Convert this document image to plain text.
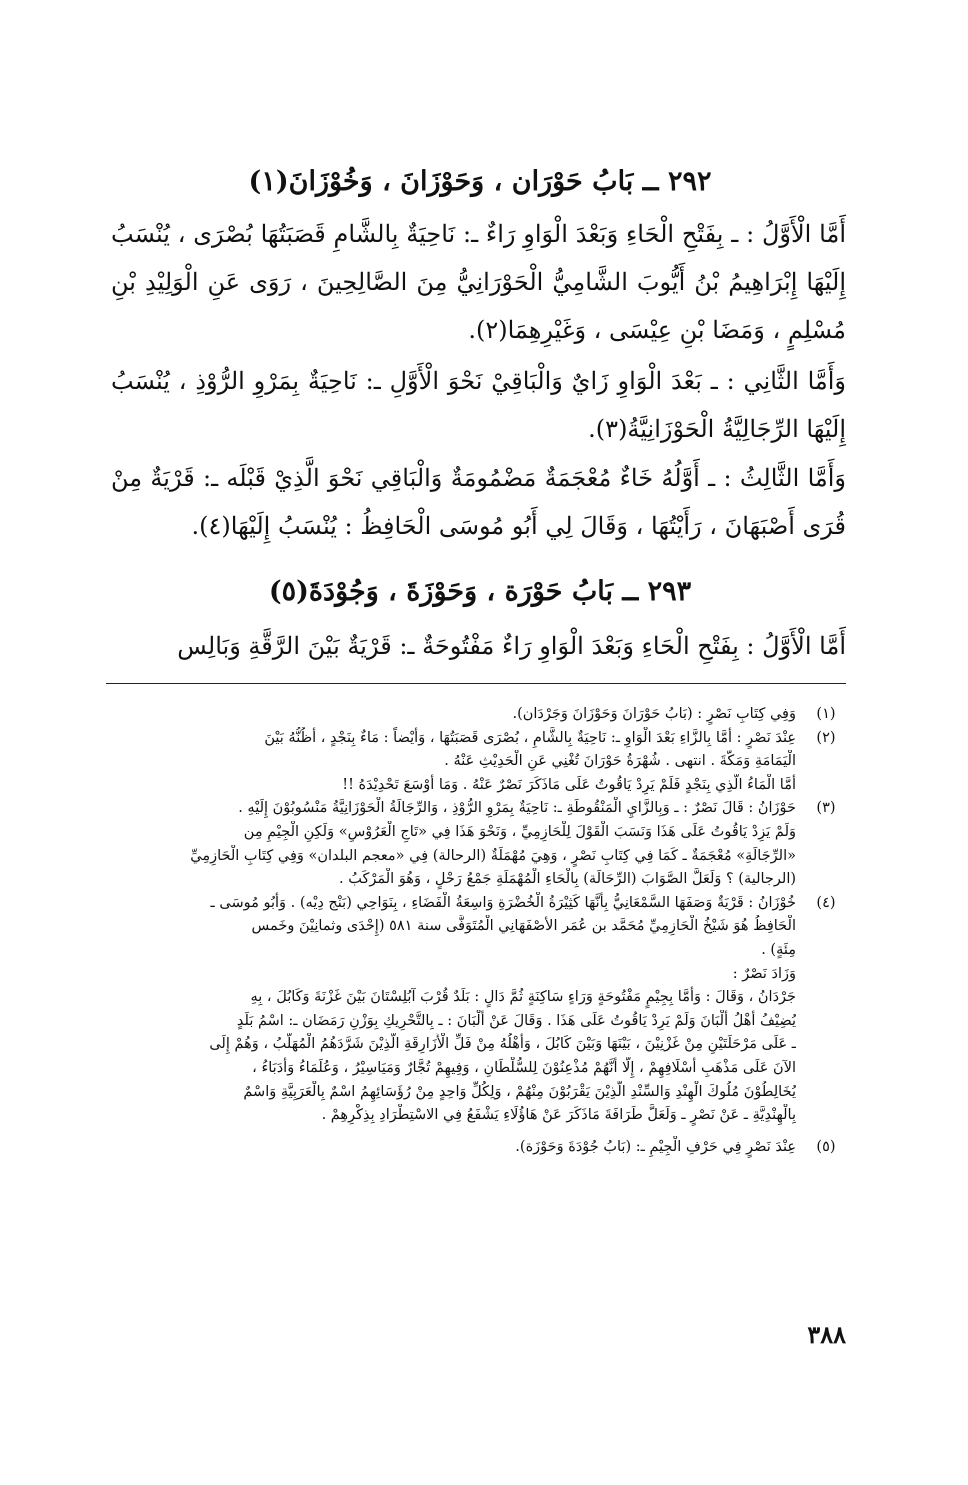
٢٩٢ ــ بَابُ حَوْرَان ، وَحَوْزَانَ ، وَخُوْزَانَ(١)
أَمَّا الْأَوَّلُ : ـ بِفَتْحِ الْحَاءِ وَبَعْدَ الْوَاوِ رَاءٌ ـ: نَاحِيَةٌ بِالشَّامِ قَصَبَتُهَا بُصْرَى ، يُنْسَبُ إِلَيْهَا إِبْرَاهِيمُ بْنُ أَيُّوبَ الشَّامِيُّ الْحَوْرَانِيُّ مِنَ الصَّالِحِينَ ، رَوَى عَنِ الْوَلِيْدِ بْنِ مُسْلِمٍ ، وَمَضَا بْنِ عِيْسَى ، وَغَيْرِهِمَا(٢).
وَأَمَّا الثَّانِي : ـ بَعْدَ الْوَاوِ زَايٌ وَالْبَاقِيْ نَحْوَ الْأَوَّلِ ـ: نَاحِيَةٌ بِمَرْوِ الرُّوْذِ ، يُنْسَبُ إِلَيْهَا الرِّجَالِيَّةُ الْحَوْزَانِيَّةُ(٣).
وَأَمَّا الثَّالِثُ : ـ أَوَّلُهُ خَاءٌ مُعْجَمَةٌ مَضْمُومَةٌ وَالْبَاقِي نَحْوَ الَّذِيْ قَبْلَه ـ: قَرْيَةٌ مِنْ قُرَى أَصْبَهَانَ ، رَأَيْتُهَا ، وَقَالَ لِي أَبُو مُوسَى الْحَافِظُ : يُنْسَبُ إِلَيْهَا(٤).
٢٩٣ ــ بَابُ حَوْرَة ، وَحَوْزَةَ ، وَجُوْدَةَ(٥)
أَمَّا الْأَوَّلُ : بِفَتْحِ الْحَاءِ وَبَعْدَ الْوَاوِ رَاءٌ مَفْتُوحَةٌ ـ: قَرْيَةٌ بَيْنَ الرَّقَّةِ وَبَالِس
(١)
وَفِي كِتَابِ نَصْرٍ : (بَابُ حَوْرَانَ وَحَوْزَانَ وَجَرْدَان).
(٢)
عِنْدَ نَصْرٍ : أَمَّا بِالزَّاءِ بَعْدَ الْوَاوِ ـ: نَاحِيَةٌ بِالشَّامِ ، بُصْرَى قَصَبَتُهَا ، وَأَيْضاً : مَاءٌ بِنَجْدٍ ، أَظُنُّهُ بَيْنَ
الْيَمَامَةِ وَمَكَّةَ . انتهى . شُهْرَةُ حَوْرَانَ تُغْنِي عَنِ الْحَدِيْثِ عَنْهُ .
أَمَّا الْمَاءُ الَّذِي بِنَجْدٍ فَلَمْ يَرِدْ يَاقُوتُ عَلَى مَاذَكَرَ نَصْرٌ عَنْهُ . وَمَا أَوْسَعَ تَحْدِيْدَهُ !!
(٣)
حَوْزَانُ : قَالَ نَصْرٌ : ـ وَبِالزَّايِ الْمَنْقُوطَةِ ـ: نَاحِيَةٌ بِمَرْوِ الرُّوْذِ ، وَالرِّجَالَةُ الْحَوْزَانِيَّةُ مَنْسُوبُوْنَ إِلَيْهِ .
وَلَمْ يَزِدْ يَاقُوتُ عَلَى هَذَا وَنَسَبَ الْقَوْلَ لِلْحَازِمِيِّ ، وَنَحْوَ هَذَا فِي «تَاجِ الْعَرُوْسِ» وَلَكِنِ الْجِيْمِ مِن
«الرِّجَالَةِ» مُعْجَمَةٌ ـ كَمَا فِي كِتَابِ نَصْرٍ ، وَهِيَ مُهْمَلَةٌ (الرحالة) فِي «معجم البلدان» وَفِي كِتَابِ الْحَازِمِيِّ
(الرجالية) ؟ وَلَعَلَّ الصَّوَابَ (الرِّحَالَة) بِالْحَاءِ الْمُهْمَلَةِ جَمْعُ رَحْلٍ ، وَهُوَ الْمَرْكَبُ .
(٤)
خُوْزَانُ : قَرْيَةٌ وَصَفَهَا السَّمْعَانِيُّ بِأَنَّهَا كَثِيْرَةُ الْخُضْرَةِ وَاسِعَةُ الْفَضَاءِ ، بِنَوَاحِي (بَنْج دِيْه) . وَأَبُو مُوسَى ـ
الْحَافِظُ هُوَ شَيْخُ الْحَازِمِيِّ مُحَمَّد بن عُمَر الأصْفَهَانِي الْمُتَوَفَّى سنة ٥٨١ (إِحْدَى وثمانِيْنَ وخَمس
مِئَةٍ) .
وَزَادَ نَصْرٌ :
جَرْدَانُ ، وَقَالَ : وَأَمَّا بِجِيْمٍ مَفْتُوحَةٍ وَرَاءٍ سَاكِنَةٍ ثُمَّ دَالٍ : بَلَدٌ قُرْبَ آبُلِسْتَانَ بَيْنَ غَزْنَةَ وَكَابُلَ ، بِهِ
يُضِيْفُ أَهْلُ أَلْبَانَ وَلَمْ يَرِدْ يَاقُوتُ عَلَى هَذَا . وَقَالَ عَنْ أَلْبَانَ : ـ بِالتَّحْرِيكِ بِوَزْنِ رَمَضَان ـ: اسْمُ بَلَدٍ
ـ عَلَى مَرْحَلَتَيْنِ مِنْ غَزْنِيْنَ ، بَيْنَهَا وَبَيْنَ كَابُلَ ، وَأَهْلُهُ مِنْ فَلِّ الْأَزَارِقَةِ الَّذِيْنَ شَرَّدَهُمُ الْمُهَلَّبُ ، وَهُمْ إِلَى
الآنَ عَلَى مَذْهَبِ أَسْلَافِهِمْ ، إِلَّا أَنَّهُمْ مُذْعِنُوْنَ لِلسُّلْطَانِ ، وَفِيهِمْ تُجَّارٌ وَمَيَاسِيْرُ ، وَعُلَمَاءُ وَأُدَبَاءُ ،
يُخَالِطُوْنَ مُلُوكَ الْهِنْدِ وَالسِّنْدِ الَّذِيْنَ يَقْرَبُوْنَ مِنْهُمْ ، وَلِكُلِّ وَاحِدٍ مِنْ رُؤَسَائِهِمُ اسْمٌ بِالْعَرَبِيَّةِ وَاسْمٌ
بِالْهِنْدِيَّةِ ـ عَنْ نَصْرٍ ـ وَلَعَلَّ طَرَافَةَ مَاذَكَرَ عَنْ هَاؤُلَاءِ يَشْفَعُ فِي الاسْتِطْرَادِ بِذِكْرِهِمْ .
(٥)
عِنْدَ نَصْرٍ فِي حَرْفِ الْجِيْمِ ـ: (بَابُ جُوْدَةَ وَحَوْزَة).
٣٨٨
